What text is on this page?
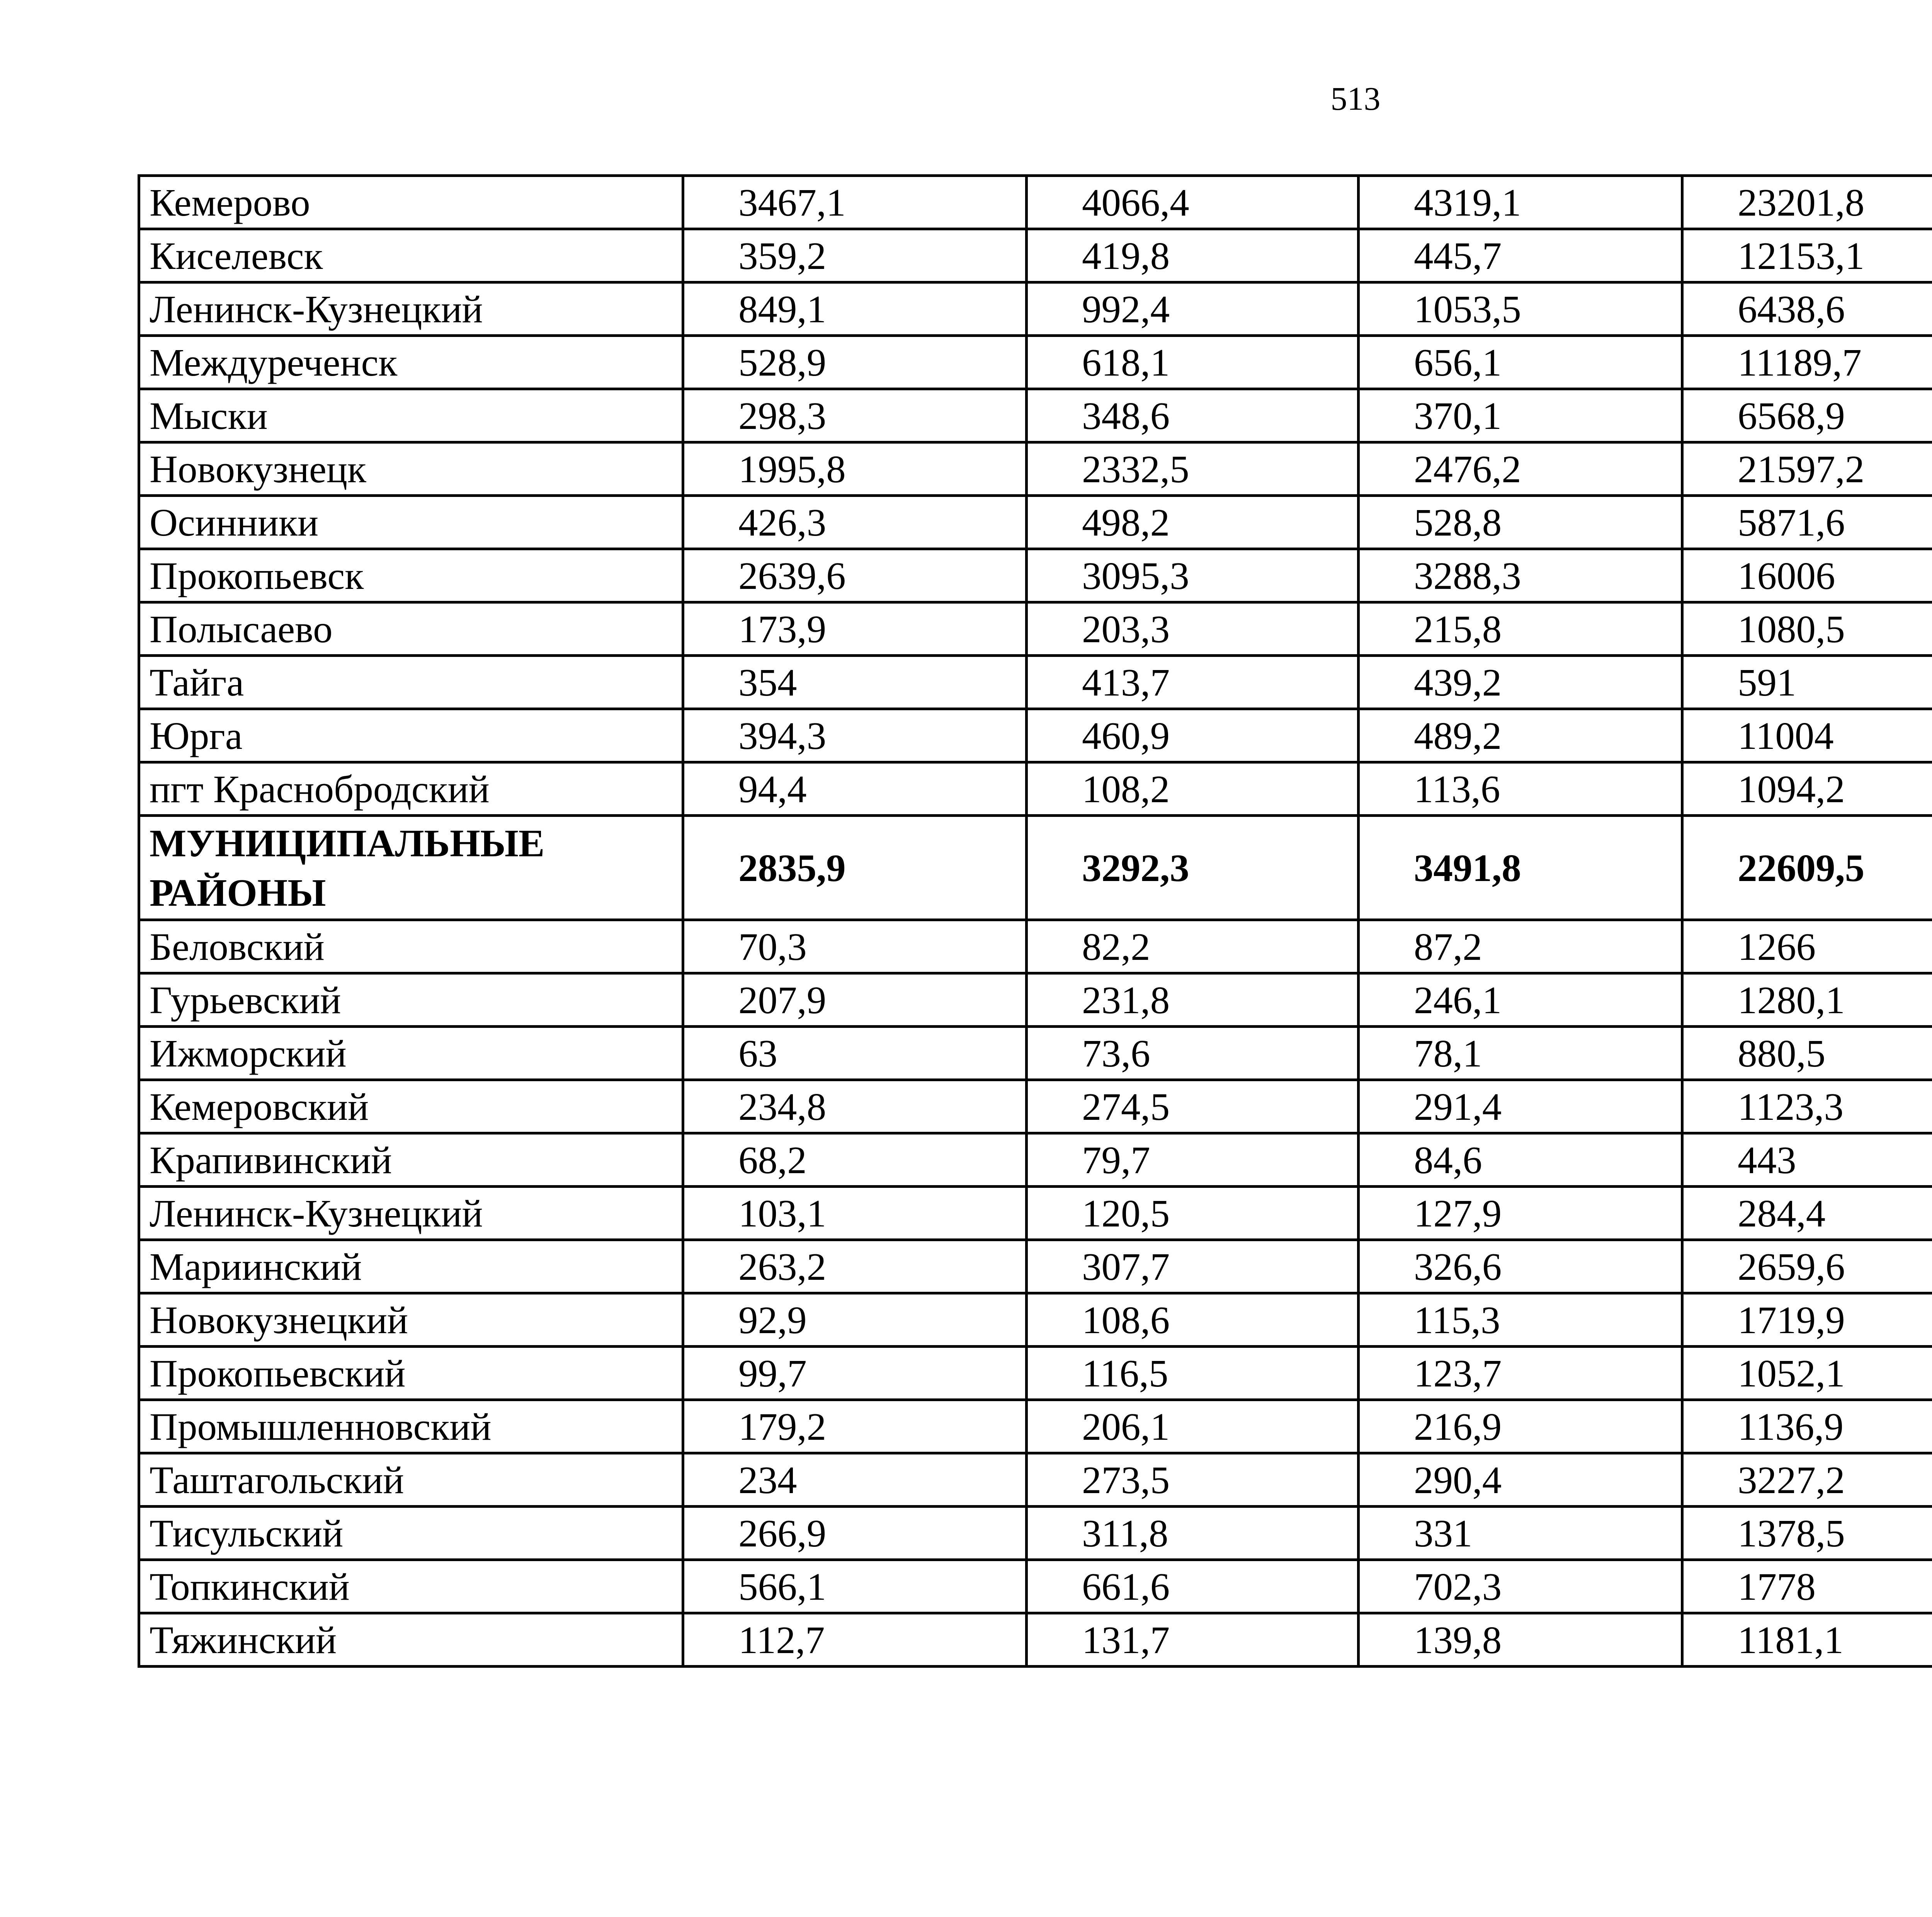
513
Кемерово	3467,1	4066,4	4319,1	23201,8		
Киселевск	359,2	419,8	445,7	12153,1		
Ленинск-Кузнецкий	849,1	992,4	1053,5	6438,6		
Междуреченск	528,9	618,1	656,1	11189,7		
Мыски	298,3	348,6	370,1	6568,9		
Новокузнецк	1995,8	2332,5	2476,2	21597,2		
Осинники	426,3	498,2	528,8	5871,6		
Прокопьевск	2639,6	3095,3	3288,3	16006		
Полысаево	173,9	203,3	215,8	1080,5		
Тайга	354	413,7	439,2	591		
Юрга	394,3	460,9	489,2	11004		
пгт Краснобродский	94,4	108,2	113,6	1094,2		
МУНИЦИПАЛЬНЫЕ РАЙОНЫ	2835,9	3292,3	3491,8	22609,5		
Беловский	70,3	82,2	87,2	1266		
Гурьевский	207,9	231,8	246,1	1280,1		
Ижморский	63	73,6	78,1	880,5		
Кемеровский	234,8	274,5	291,4	1123,3		
Крапивинский	68,2	79,7	84,6	443		
Ленинск-Кузнецкий	103,1	120,5	127,9	284,4		
Мариинский	263,2	307,7	326,6	2659,6		
Новокузнецкий	92,9	108,6	115,3	1719,9		
Прокопьевский	99,7	116,5	123,7	1052,1		
Промышленновский	179,2	206,1	216,9	1136,9		
Таштагольский	234	273,5	290,4	3227,2		
Тисульский	266,9	311,8	331	1378,5		
Топкинский	566,1	661,6	702,3	1778		
Тяжинский	112,7	131,7	139,8	1181,1		
